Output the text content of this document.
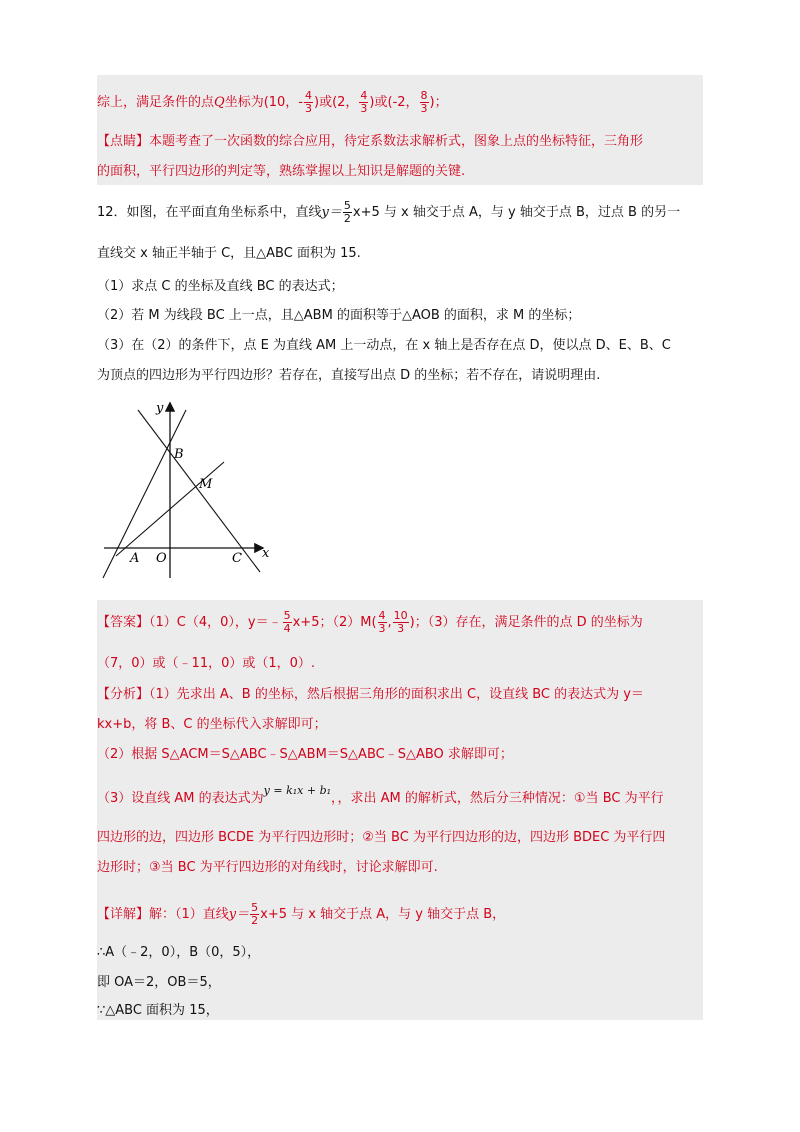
综上，满足条件的点Q坐标为(10，- $\frac{4}{3}$ )或(2， $\frac{4}{3}$ )或(-2， $\frac{8}{3}$ )；
【点睛】本题考查了一次函数的综合应用，待定系数法求解析式，图象上点的坐标特征，三角形
的面积，平行四边形的判定等，熟练掌握以上知识是解题的关键.
12．如图，在平面直角坐标系中，直线$y= \frac{5}{2} x+5$ 与 x 轴交于点 A，与 y 轴交于点 B，过点 B 的另一
直线交 x 轴正半轴于 C，且△ABC 面积为 15.
（1）求点 C 的坐标及直线 BC 的表达式；
（2）若 M 为线段 BC 上一点，且△ABM 的面积等于△AOB 的面积，求 M 的坐标；
（3）在（2）的条件下，点 E 为直线 AM 上一动点，在 x 轴上是否存在点 D，使以点 D、E、B、C
为顶点的四边形为平行四边形？若存在，直接写出点 D 的坐标；若不存在，请说明理由.
y
x
B
M
A O	C
【答案】（1）C（4，0），y＝﹣ $\frac{5}{4} x+5$；$(2)M( \frac{4}{3}$ , $\frac{10}{3}$ )；（3）存在，满足条件的点 D 的坐标为
（7，0）或（﹣11，0）或（1，0）.
【分析】（1）先求出 A、B 的坐标，然后根据三角形的面积求出 C，设直线 BC 的表达式为 y＝
kx+b，将 B、C 的坐标代入求解即可；
（2）根据 S△ACM＝S△ABC﹣S△ABM＝S△ABC﹣S△ABO 求解即可；
（3）设直线 AM 的表达式为$^{y = k_1x + b_1}$，，求出 AM 的解析式，然后分三种情况：①当 BC 为平行
四边形的边，四边形 BCDE 为平行四边形时；②当 BC 为平行四边形的边，四边形 BDEC 为平行四
边形时；③当 BC 为平行四边形的对角线时，讨论求解即可.
【详解】解：（1）直线$y= \frac{5}{2} x+5$ 与 x 轴交于点 A，与 y 轴交于点 B，
∴A（﹣2，0），B（0，5），
即 OA＝2，OB＝5，
∵△ABC 面积为 15，
